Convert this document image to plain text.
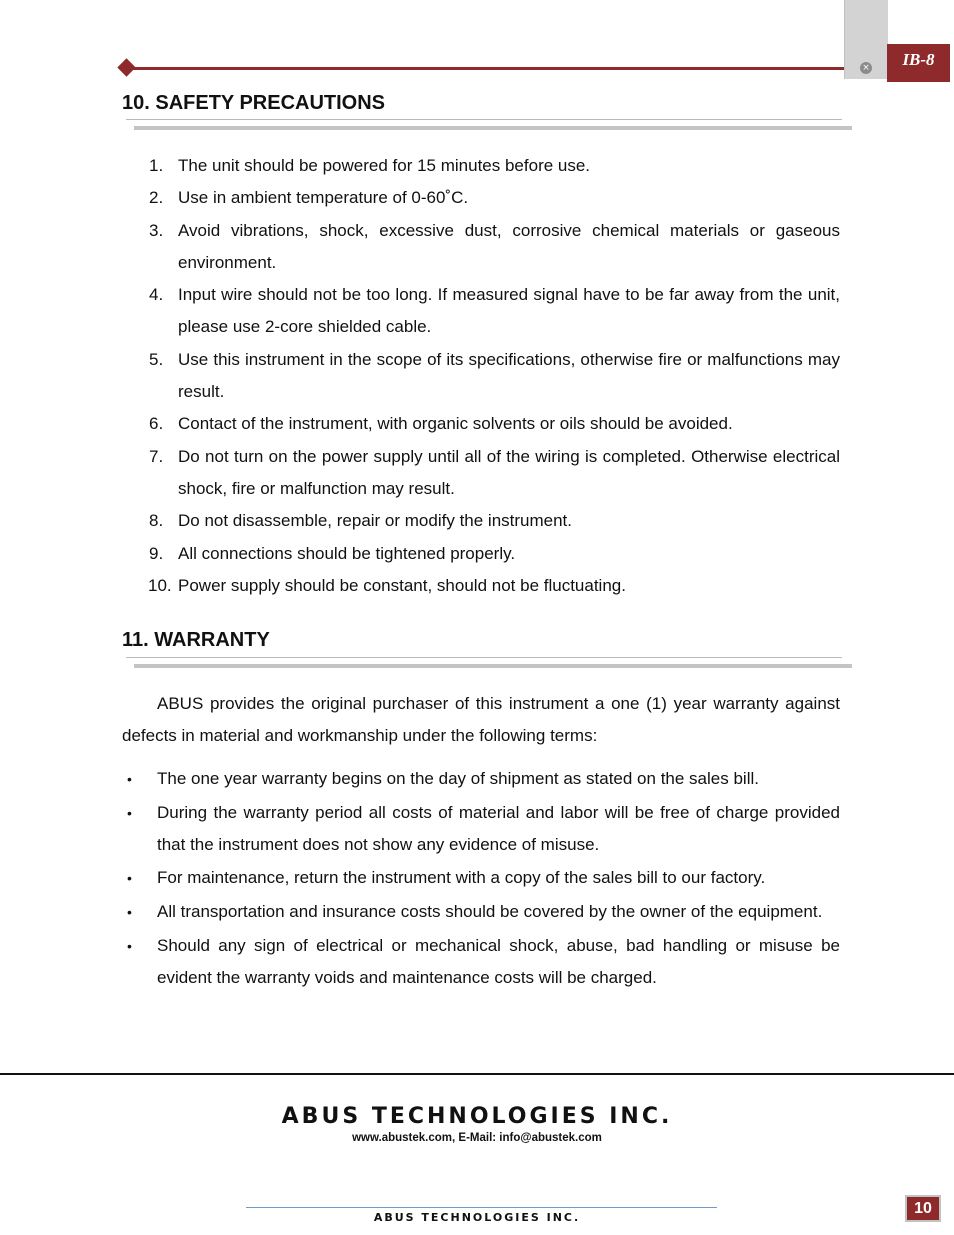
×	IB-8
10. SAFETY PRECAUTIONS
1. The unit should be powered for 15 minutes before use.
2. Use in ambient temperature of 0-60˚C.
3. Avoid vibrations, shock, excessive dust, corrosive chemical materials or gaseous environment.
4. Input wire should not be too long. If measured signal have to be far away from the unit, please use 2-core shielded cable.
5. Use this instrument in the scope of its specifications, otherwise fire or malfunctions may result.
6. Contact of the instrument, with organic solvents or oils should be avoided.
7. Do not turn on the power supply until all of the wiring is completed. Otherwise electrical shock, fire or malfunction may result.
8. Do not disassemble, repair or modify the instrument.
9. All connections should be tightened properly.
10. Power supply should be constant, should not be fluctuating.
11. WARRANTY

ABUS provides the original purchaser of this instrument a one (1) year warranty against defects in material and workmanship under the following terms:

• The one year warranty begins on the day of shipment as stated on the sales bill.
• During the warranty period all costs of material and labor will be free of charge provided that the instrument does not show any evidence of misuse.
• For maintenance, return the instrument with a copy of the sales bill to our factory.
• All transportation and insurance costs should be covered by the owner of the equipment.
• Should any sign of electrical or mechanical shock, abuse, bad handling or misuse be evident the warranty voids and maintenance costs will be charged.

ABUS TECHNOLOGIES INC.

www.abustek.com, E-Mail: info@abustek.com

ABUS TECHNOLOGIES INC.

10
